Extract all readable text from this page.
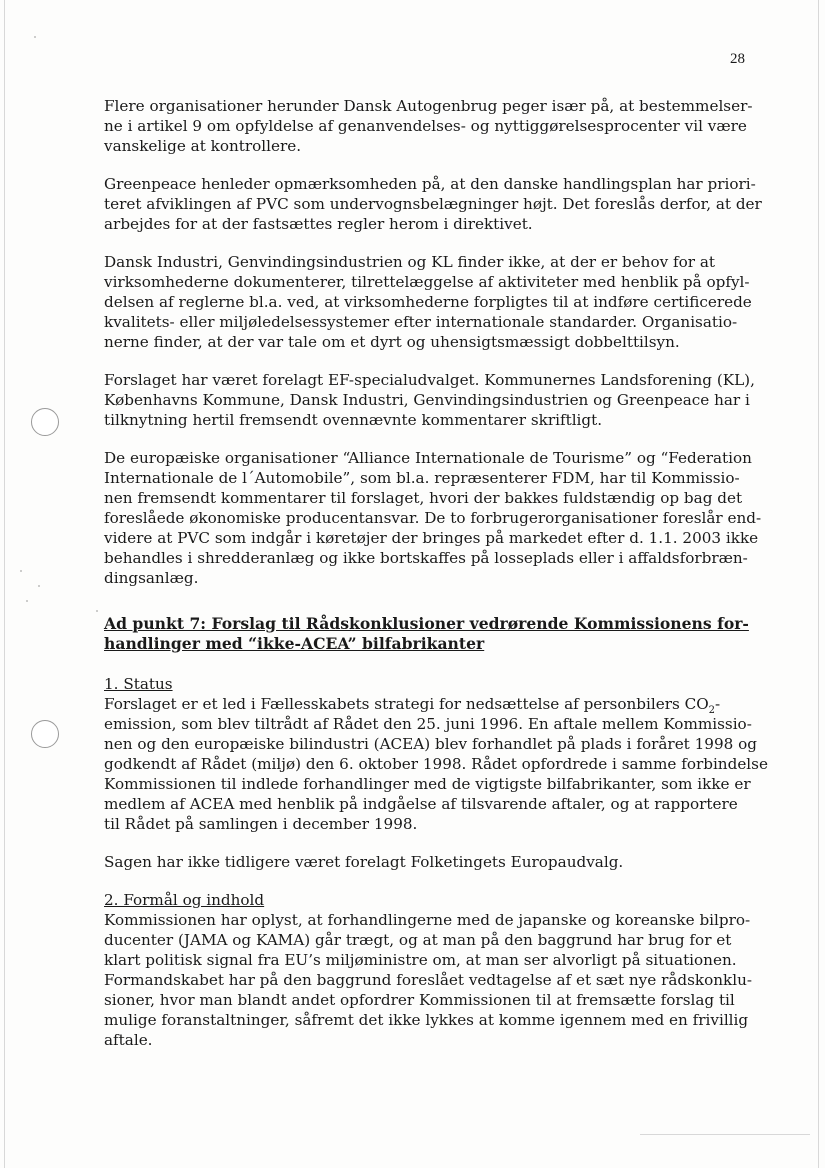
28
Flere organisationer herunder Dansk Autogenbrug peger især på, at bestemmelser-
ne i artikel 9 om opfyldelse af genanvendelses- og nyttiggørelsesprocenter vil være
vanskelige at kontrollere.
Greenpeace henleder opmærksomheden på, at den danske handlingsplan har priori-
teret afviklingen af PVC som undervognsbelægninger højt. Det foreslås derfor, at der
arbejdes for at der fastsættes regler herom i direktivet.
Dansk Industri, Genvindingsindustrien og KL finder ikke, at der er behov for at
virksomhederne dokumenterer, tilrettelæggelse af aktiviteter med henblik på opfyl-
delsen af reglerne bl.a. ved, at virksomhederne forpligtes til at indføre certificerede
kvalitets- eller miljøledelsessystemer efter internationale standarder. Organisatio-
nerne finder, at der var tale om et dyrt og uhensigtsmæssigt dobbelttilsyn.
Forslaget har været forelagt EF-specialudvalget. Kommunernes Landsforening (KL),
Københavns Kommune, Dansk Industri, Genvindingsindustrien og Greenpeace har i
tilknytning hertil fremsendt ovennævnte kommentarer skriftligt.
De europæiske organisationer “Alliance Internationale de Tourisme” og “Federation
Internationale de l´Automobile”, som bl.a. repræsenterer FDM, har til Kommissio-
nen fremsendt kommentarer til forslaget, hvori der bakkes fuldstændig op bag det
foreslåede økonomiske producentansvar. De to forbrugerorganisationer foreslår end-
videre at PVC som indgår i køretøjer der bringes på markedet efter d. 1.1. 2003 ikke
behandles i shredderanlæg og ikke bortskaffes på losseplads eller i affaldsforbræn-
dingsanlæg.
Ad punkt 7: Forslag til Rådskonklusioner vedrørende Kommissionens for-
handlinger med “ikke-ACEA” bilfabrikanter
1. Status
Forslaget er et led i Fællesskabets strategi for nedsættelse af personbilers $CO_2-$
emission, som blev tiltrådt af Rådet den 25. juni 1996. En aftale mellem Kommissio-
nen og den europæiske bilindustri (ACEA) blev forhandlet på plads i foråret 1998 og
godkendt af Rådet (miljø) den 6. oktober 1998. Rådet opfordrede i samme forbindelse
Kommissionen til indlede forhandlinger med de vigtigste bilfabrikanter, som ikke er
medlem af ACEA med henblik på indgåelse af tilsvarende aftaler, og at rapportere
til Rådet på samlingen i december 1998.
Sagen har ikke tidligere været forelagt Folketingets Europaudvalg.
2. Formål og indhold
Kommissionen har oplyst, at forhandlingerne med de japanske og koreanske bilpro-
ducenter (JAMA og KAMA) går trægt, og at man på den baggrund har brug for et
klart politisk signal fra EU’s miljøministre om, at man ser alvorligt på situationen.
Formandskabet har på den baggrund foreslået vedtagelse af et sæt nye rådskonklu-
sioner, hvor man blandt andet opfordrer Kommissionen til at fremsætte forslag til
mulige foranstaltninger, såfremt det ikke lykkes at komme igennem med en frivillig
aftale.
